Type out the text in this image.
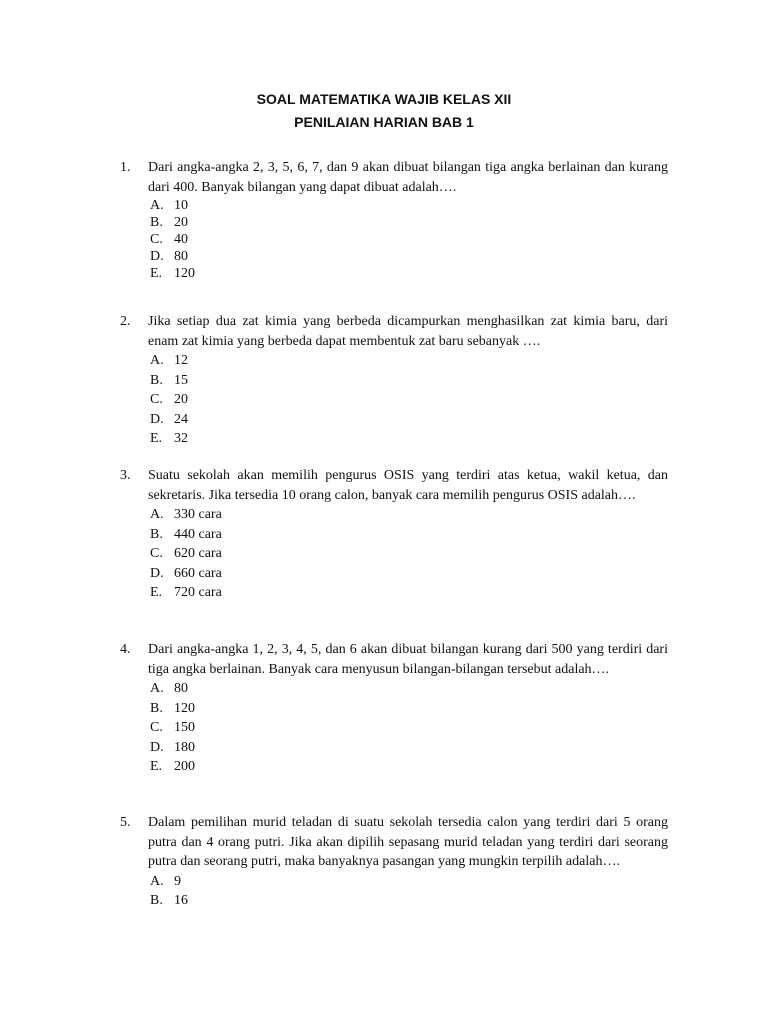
SOAL MATEMATIKA WAJIB KELAS XII
PENILAIAN HARIAN BAB 1
1. Dari angka-angka 2, 3, 5, 6, 7, dan 9 akan dibuat bilangan tiga angka berlainan dan kurang dari 400. Banyak bilangan yang dapat dibuat adalah….
A. 10
B. 20
C. 40
D. 80
E. 120
2. Jika setiap dua zat kimia yang berbeda dicampurkan menghasilkan zat kimia baru, dari enam zat kimia yang berbeda dapat membentuk zat baru sebanyak ….
A. 12
B. 15
C. 20
D. 24
E. 32
3. Suatu sekolah akan memilih pengurus OSIS yang terdiri atas ketua, wakil ketua, dan sekretaris. Jika tersedia 10 orang calon, banyak cara memilih pengurus OSIS adalah….
A. 330 cara
B. 440 cara
C. 620 cara
D. 660 cara
E. 720 cara
4. Dari angka-angka 1, 2, 3, 4, 5, dan 6 akan dibuat bilangan kurang dari 500 yang terdiri dari tiga angka berlainan. Banyak cara menyusun bilangan-bilangan tersebut adalah….
A. 80
B. 120
C. 150
D. 180
E. 200
5. Dalam pemilihan murid teladan di suatu sekolah tersedia calon yang terdiri dari 5 orang putra dan 4 orang putri. Jika akan dipilih sepasang murid teladan yang terdiri dari seorang putra dan seorang putri, maka banyaknya pasangan yang mungkin terpilih adalah….
A. 9
B. 16
